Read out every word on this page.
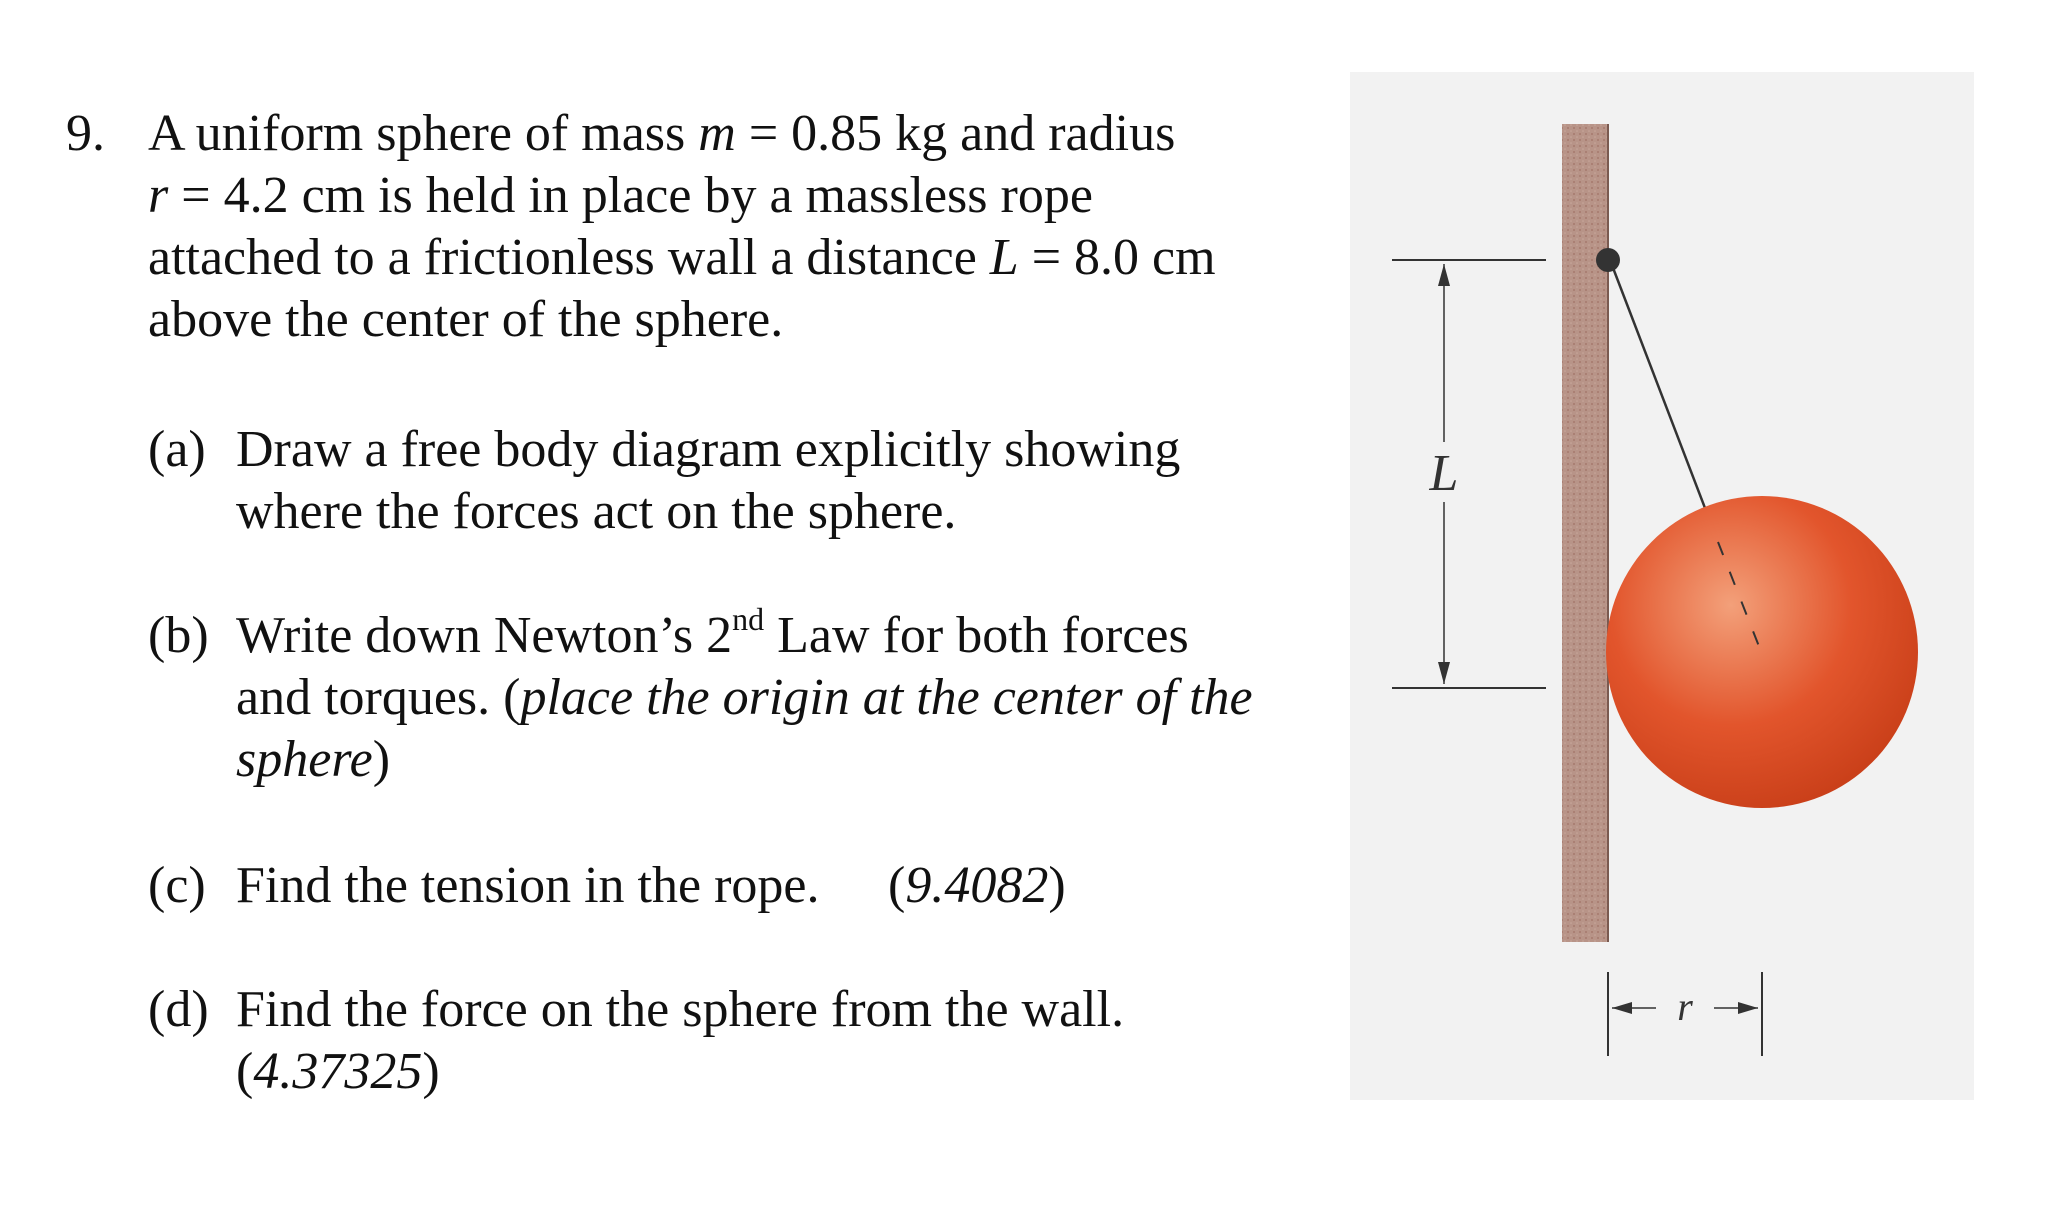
9. A uniform sphere of mass m = 0.85 kg and radius
r = 4.2 cm is held in place by a massless rope
attached to a frictionless wall a distance L = 8.0 cm
above the center of the sphere.
(a) Draw a free body diagram explicitly showing
where the forces act on the sphere.
(b) Write down Newton’s 2nd Law for both forces
and torques. (place the origin at the center of the
sphere)
(c) Find the tension in the rope. (9.4082)
(d) Find the force on the sphere from the wall.
(4.37325)
L
r
